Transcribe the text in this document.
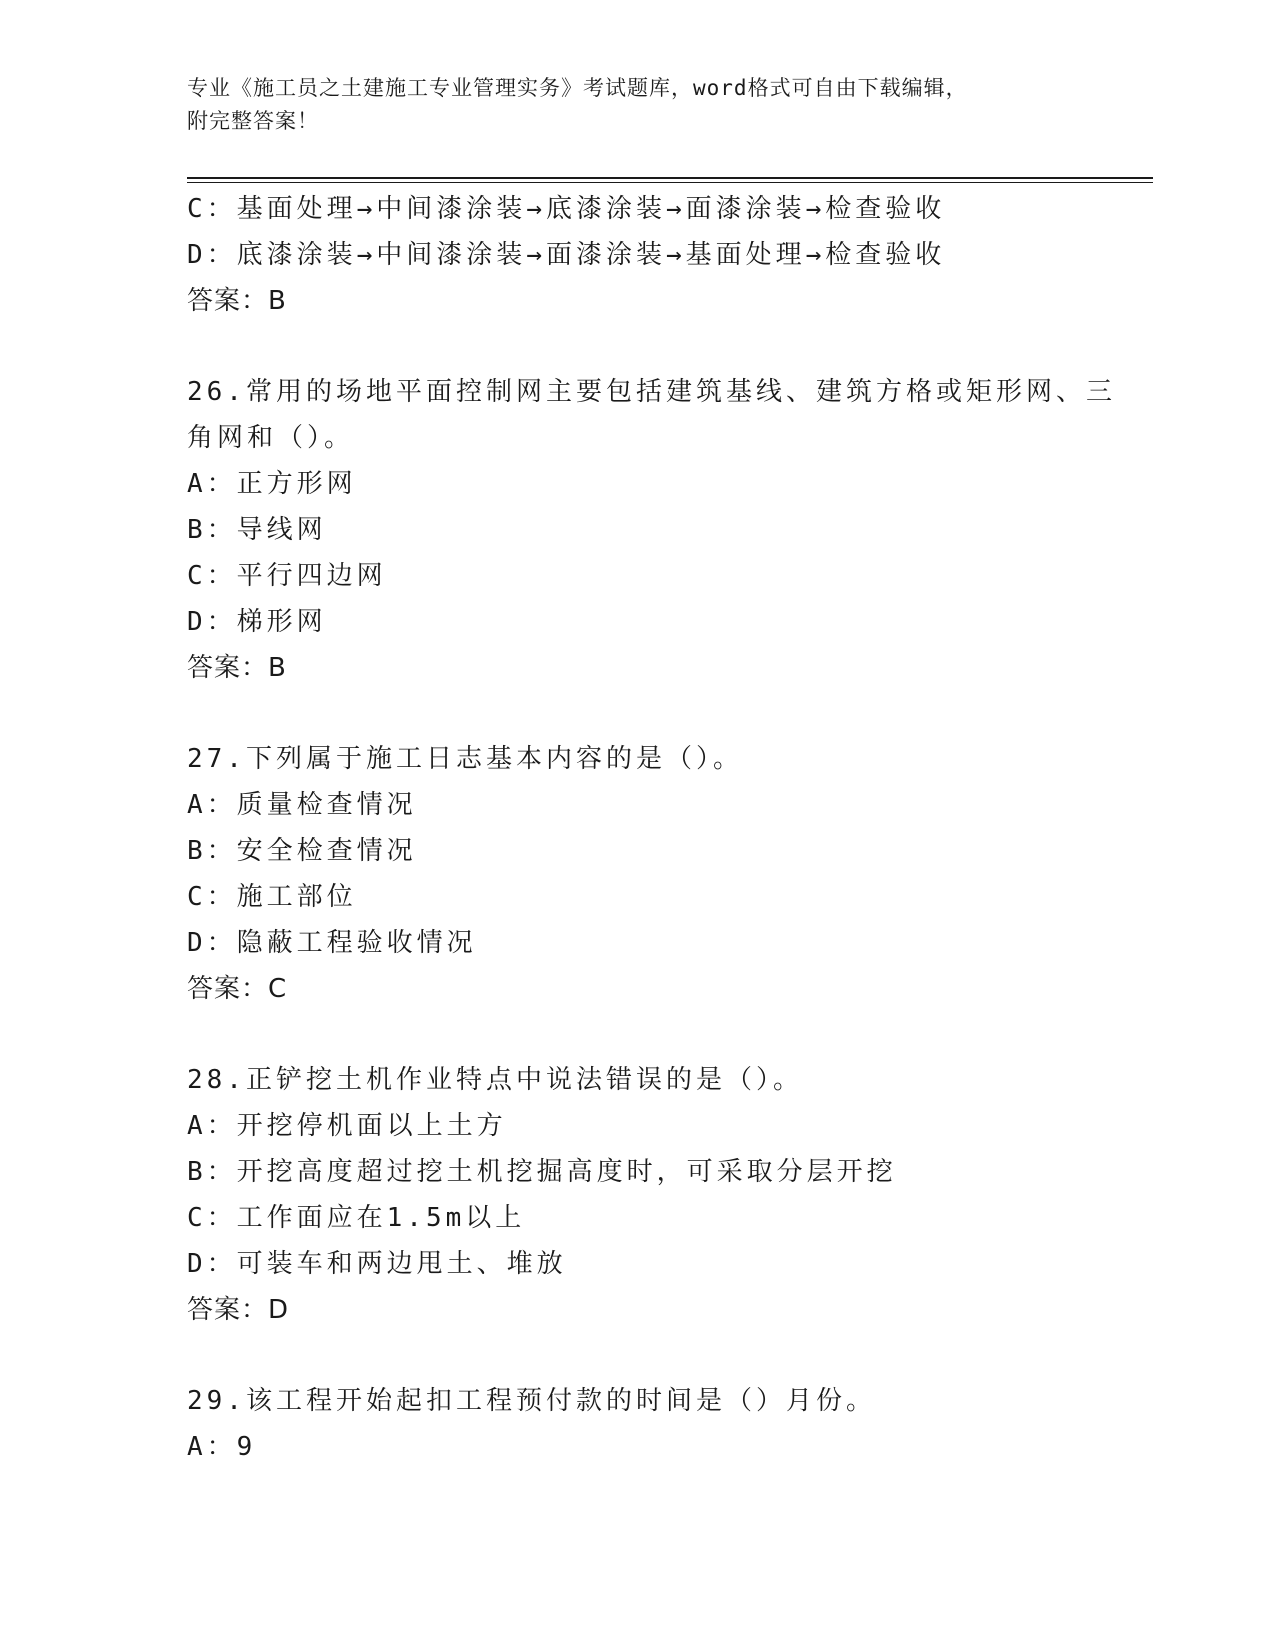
专业《施工员之土建施工专业管理实务》考试题库，word格式可自由下载编辑，
附完整答案！
C：基面处理→中间漆涂装→底漆涂装→面漆涂装→检查验收
D：底漆涂装→中间漆涂装→面漆涂装→基面处理→检查验收
答案：B
26.常用的场地平面控制网主要包括建筑基线、建筑方格或矩形网、三
角网和（）。
A：正方形网
B：导线网
C：平行四边网
D：梯形网
答案：B
27.下列属于施工日志基本内容的是（）。
A：质量检查情况
B：安全检查情况
C：施工部位
D：隐蔽工程验收情况
答案：C
28.正铲挖土机作业特点中说法错误的是（）。
A：开挖停机面以上土方
B：开挖高度超过挖土机挖掘高度时，可采取分层开挖
C：工作面应在1.5m以上
D：可装车和两边甩土、堆放
答案：D
29.该工程开始起扣工程预付款的时间是（）月份。
A：9
